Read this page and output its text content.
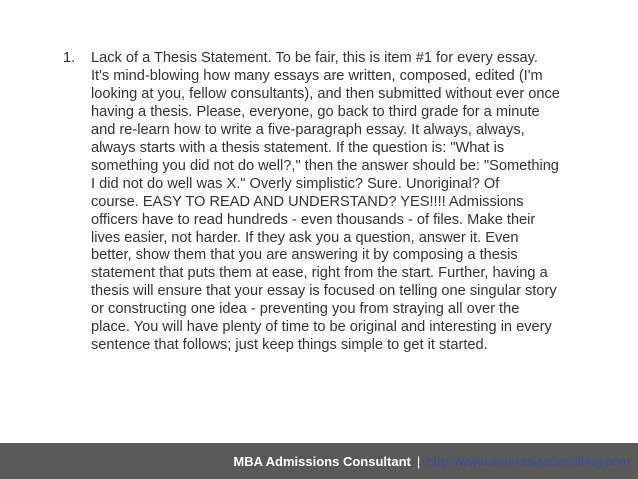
1.	Lack of a Thesis Statement. To be fair, this is item #1 for every essay.
It's mind-blowing how many essays are written, composed, edited (I'm
looking at you, fellow consultants), and then submitted without ever once
having a thesis. Please, everyone, go back to third grade for a minute
and re-learn how to write a five-paragraph essay. It always, always,
always starts with a thesis statement. If the question is: "What is
something you did not do well?," then the answer should be: "Something
I did not do well was X." Overly simplistic? Sure. Unoriginal? Of
course. EASY TO READ AND UNDERSTAND? YES!!!! Admissions
officers have to read hundreds - even thousands - of files. Make their
lives easier, not harder. If they ask you a question, answer it. Even
better, show them that you are answering it by composing a thesis
statement that puts them at ease, right from the start. Further, having a
thesis will ensure that your essay is focused on telling one singular story
or constructing one idea - preventing you from straying all over the
place. You will have plenty of time to be original and interesting in every
sentence that follows; just keep things simple to get it started.
MBA Admissions Consultant | http://www.amerasiaconsulting.com
